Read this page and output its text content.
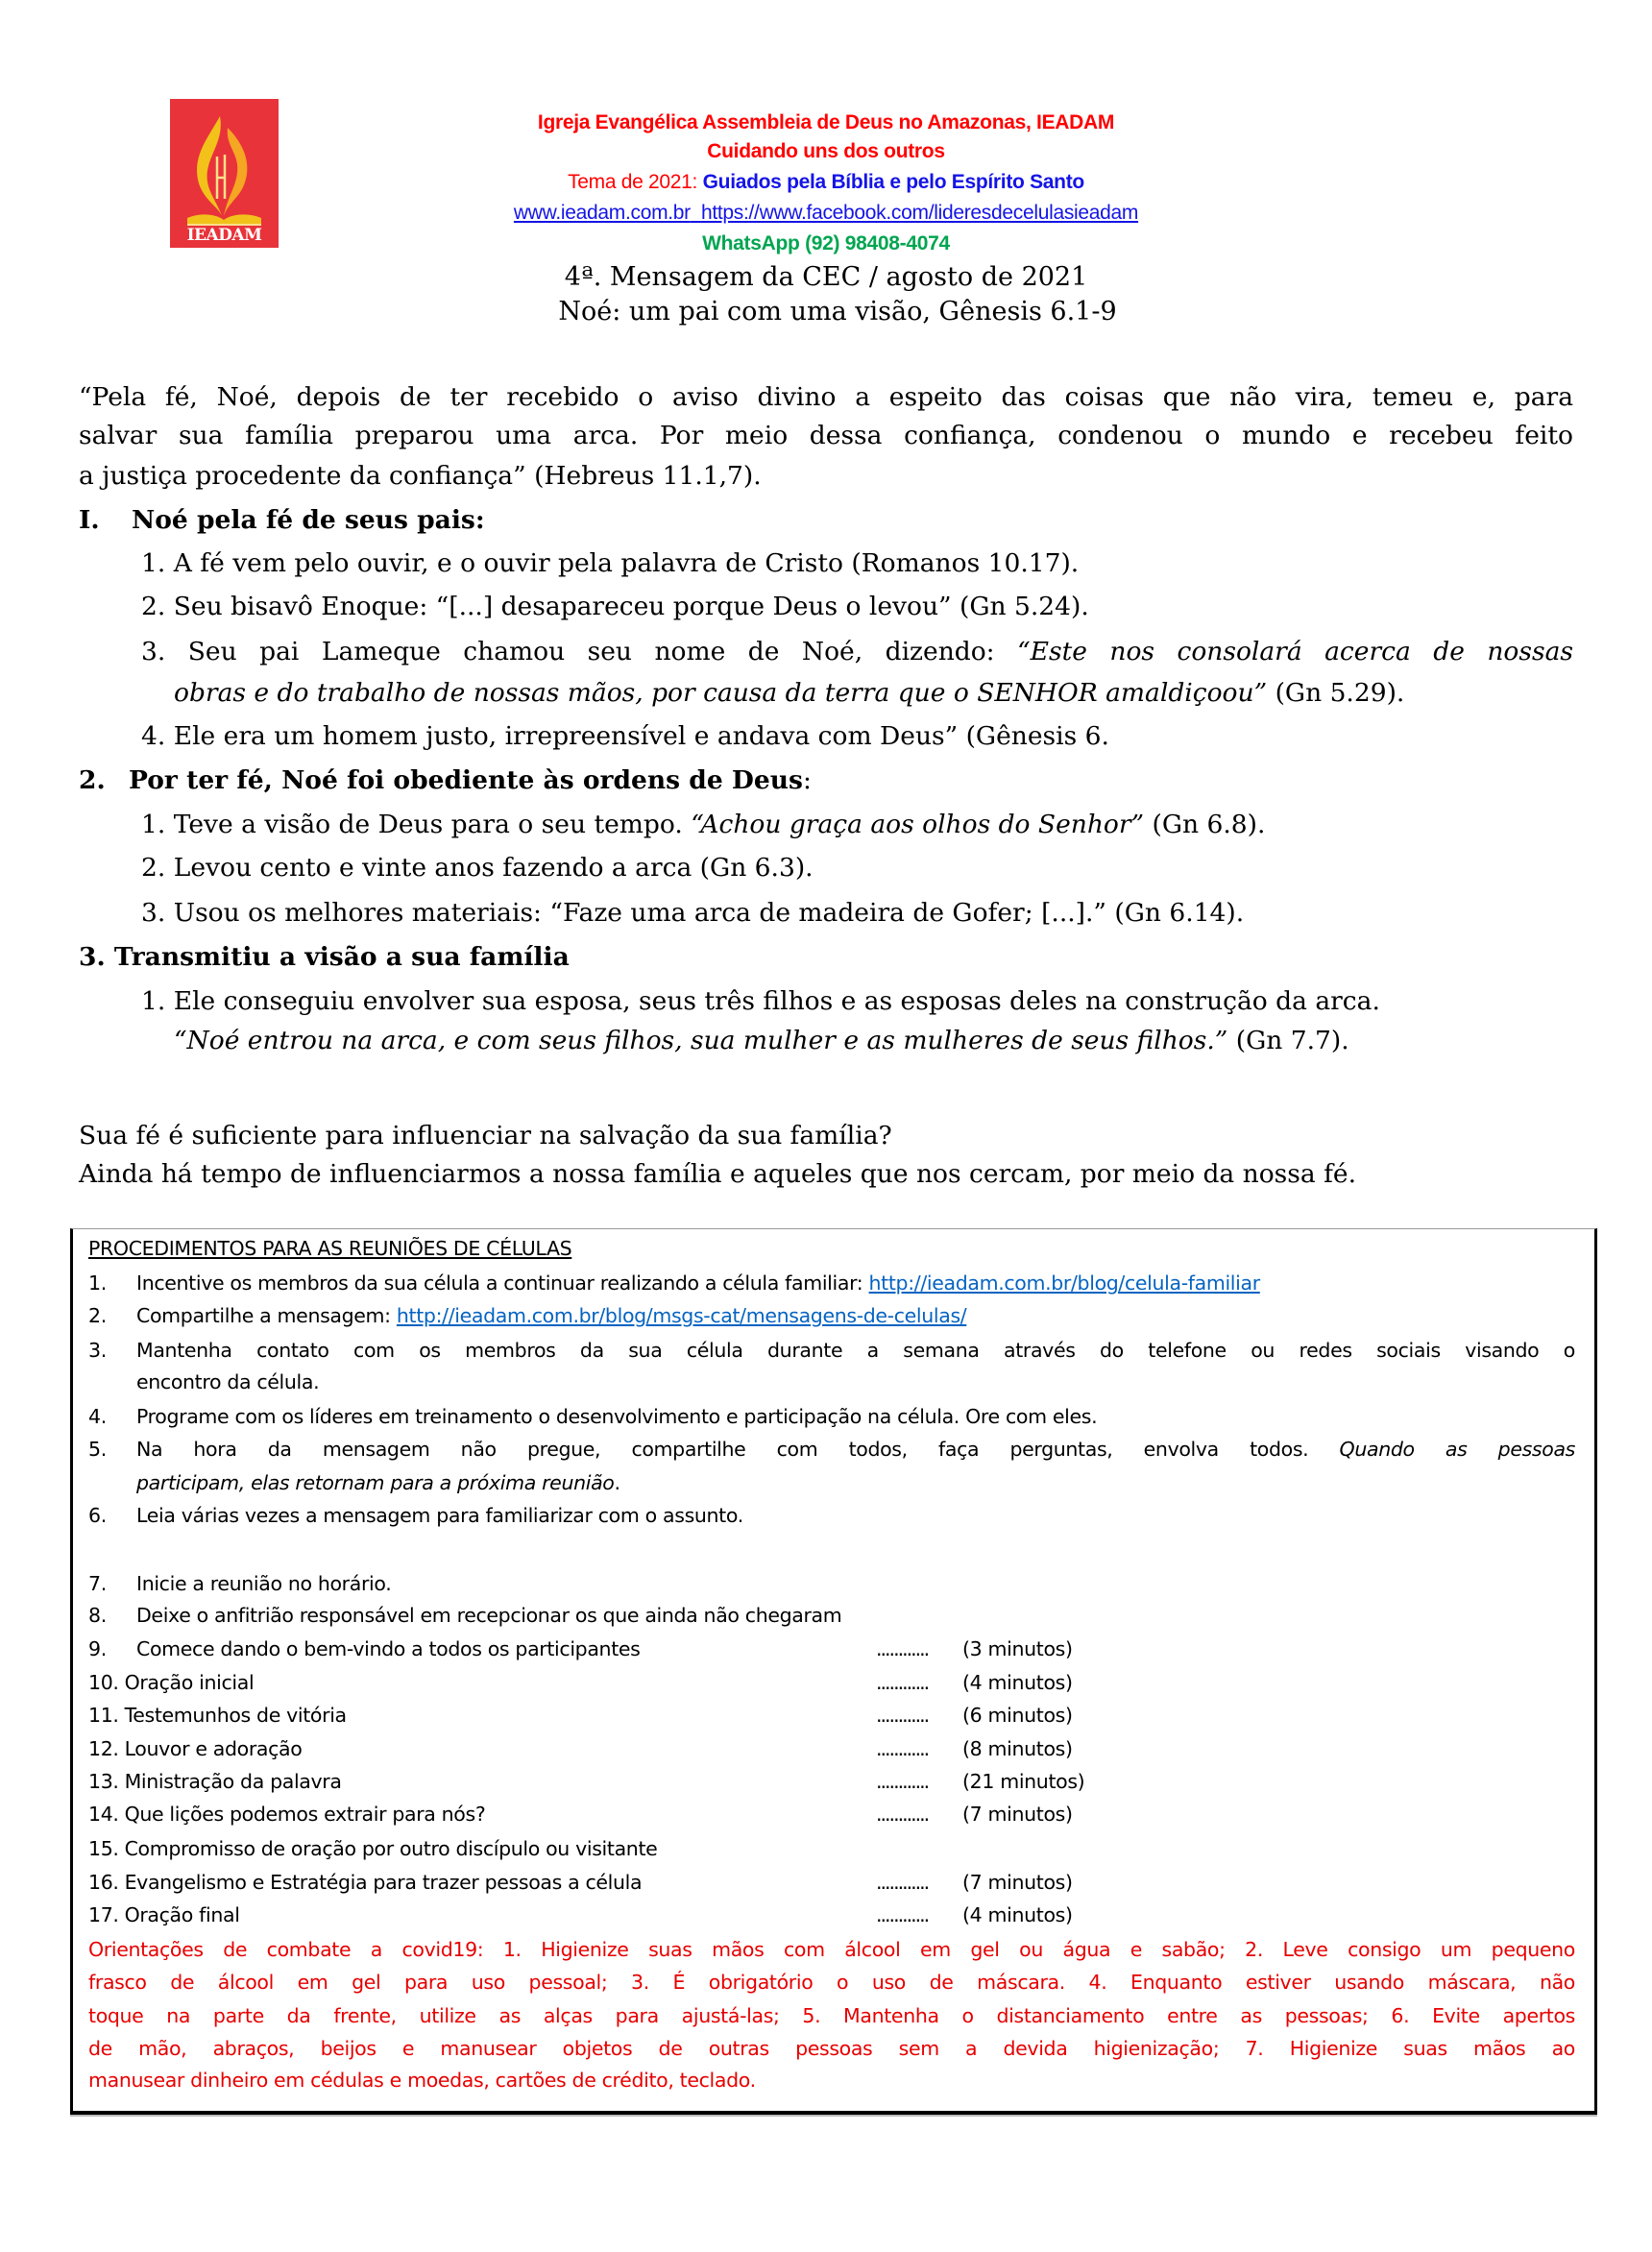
IEADAM
Igreja Evangélica Assembleia de Deus no Amazonas, IEADAM
Cuidando uns dos outros
Tema de 2021: Guiados pela Bíblia e pelo Espírito Santo
www.ieadam.com.br https://www.facebook.com/lideresdecelulasieadam
WhatsApp (92) 98408-4074
4ª. Mensagem da CEC / agosto de 2021
Noé: um pai com uma visão, Gênesis 6.1-9
“Pela fé, Noé, depois de ter recebido o aviso divino a espeito das coisas que não vira, temeu e, para
salvar sua família preparou uma arca. Por meio dessa confiança, condenou o mundo e recebeu feito
a justiça procedente da confiança” (Hebreus 11.1,7).
I. Noé pela fé de seus pais:
1. A fé vem pelo ouvir, e o ouvir pela palavra de Cristo (Romanos 10.17).
2. Seu bisavô Enoque: “[...] desapareceu porque Deus o levou” (Gn 5.24).
3. Seu pai Lameque chamou seu nome de Noé, dizendo: “Este nos consolará acerca de nossas
obras e do trabalho de nossas mãos, por causa da terra que o SENHOR amaldiçoou” (Gn 5.29).
4. Ele era um homem justo, irrepreensível e andava com Deus” (Gênesis 6.
2. Por ter fé, Noé foi obediente às ordens de Deus:
1. Teve a visão de Deus para o seu tempo. “Achou graça aos olhos do Senhor” (Gn 6.8).
2. Levou cento e vinte anos fazendo a arca (Gn 6.3).
3. Usou os melhores materiais: “Faze uma arca de madeira de Gofer; [...].” (Gn 6.14).
3. Transmitiu a visão a sua família
1. Ele conseguiu envolver sua esposa, seus três filhos e as esposas deles na construção da arca.
“Noé entrou na arca, e com seus filhos, sua mulher e as mulheres de seus filhos.” (Gn 7.7).
Sua fé é suficiente para influenciar na salvação da sua família?
Ainda há tempo de influenciarmos a nossa família e aqueles que nos cercam, por meio da nossa fé.
PROCEDIMENTOS PARA AS REUNIÕES DE CÉLULAS
1. Incentive os membros da sua célula a continuar realizando a célula familiar: http://ieadam.com.br/blog/celula-familiar
2. Compartilhe a mensagem: http://ieadam.com.br/blog/msgs-cat/mensagens-de-celulas/
3. Mantenha contato com os membros da sua célula durante a semana através do telefone ou redes sociais visando o
encontro da célula.
4. Programe com os líderes em treinamento o desenvolvimento e participação na célula. Ore com eles.
5. Na hora da mensagem não pregue, compartilhe com todos, faça perguntas, envolva todos. Quando as pessoas
participam, elas retornam para a próxima reunião.
6. Leia várias vezes a mensagem para familiarizar com o assunto.
7. Inicie a reunião no horário.
8. Deixe o anfitrião responsável em recepcionar os que ainda não chegaram
9. Comece dando o bem-vindo a todos os participantes	............ (3 minutos)
10. Oração inicial	............ (4 minutos)
11. Testemunhos de vitória	............ (6 minutos)
12. Louvor e adoração	............ (8 minutos)
13. Ministração da palavra	............ (21 minutos)
14. Que lições podemos extrair para nós?	............ (7 minutos)
15. Compromisso de oração por outro discípulo ou visitante
16. Evangelismo e Estratégia para trazer pessoas a célula	............ (7 minutos)
17. Oração final	............ (4 minutos)
Orientações de combate a covid19: 1. Higienize suas mãos com álcool em gel ou água e sabão; 2. Leve consigo um pequeno
frasco de álcool em gel para uso pessoal; 3. É obrigatório o uso de máscara. 4. Enquanto estiver usando máscara, não
toque na parte da frente, utilize as alças para ajustá-las; 5. Mantenha o distanciamento entre as pessoas; 6. Evite apertos
de mão, abraços, beijos e manusear objetos de outras pessoas sem a devida higienização; 7. Higienize suas mãos ao
manusear dinheiro em cédulas e moedas, cartões de crédito, teclado.
